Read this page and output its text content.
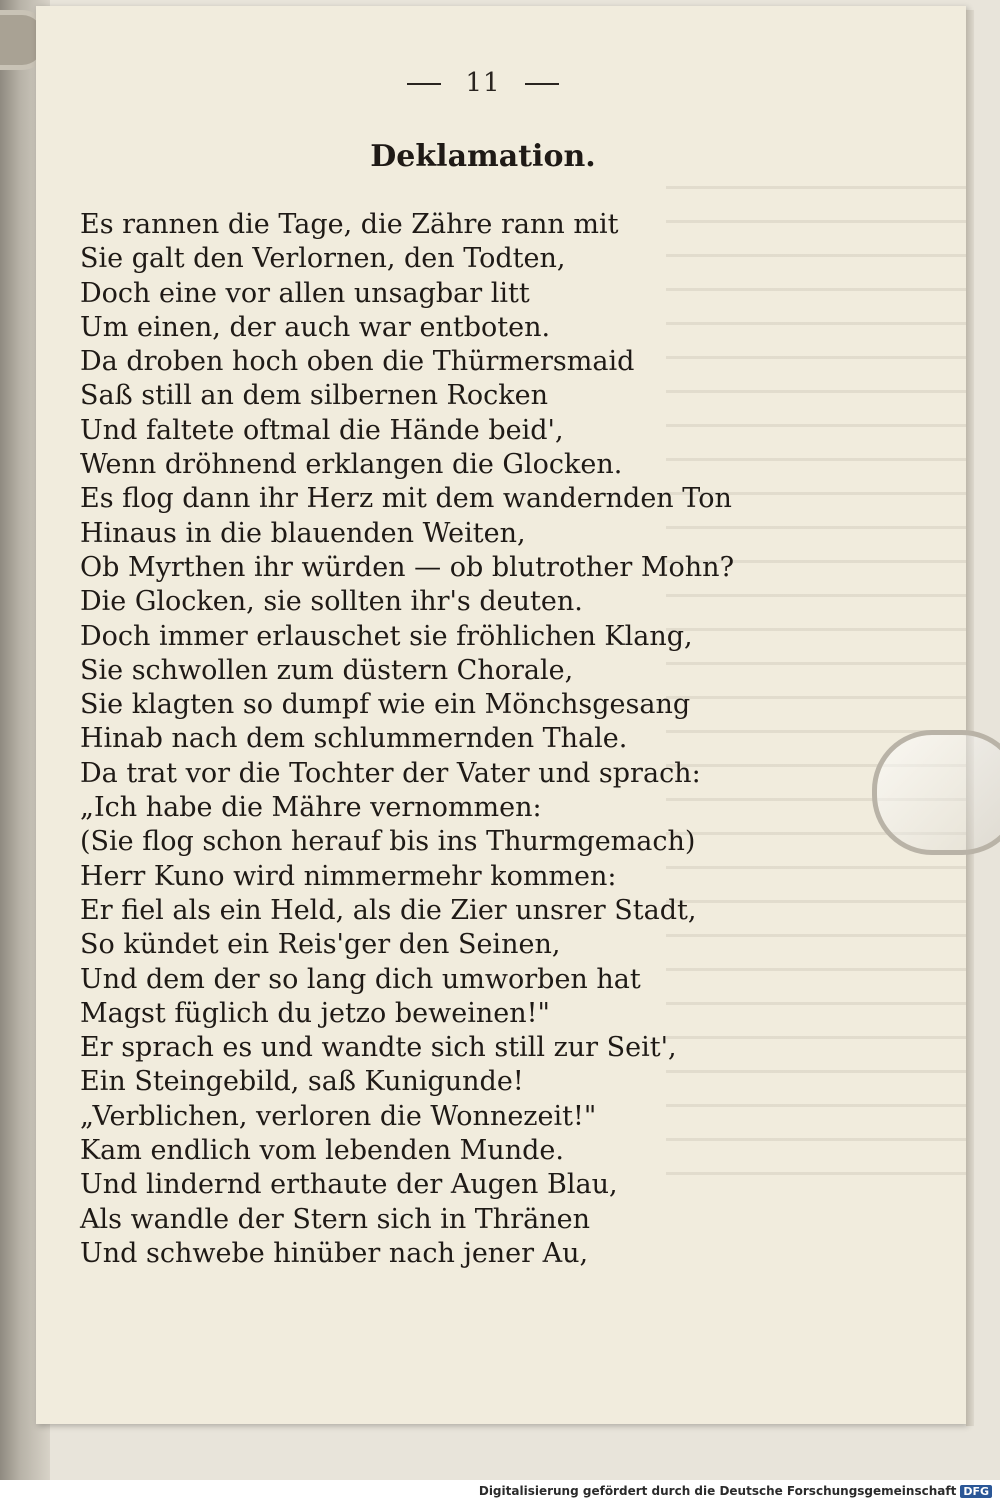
11
Deklamation.
Es rannen die Tage, die Zähre rann mit
Sie galt den Verlornen, den Todten,
Doch eine vor allen unsagbar litt
Um einen, der auch war entboten.
Da droben hoch oben die Thürmersmaid
Saß still an dem silbernen Rocken
Und faltete oftmal die Hände beid',
Wenn dröhnend erklangen die Glocken.
Es flog dann ihr Herz mit dem wandernden Ton
Hinaus in die blauenden Weiten,
Ob Myrthen ihr würden — ob blutrother Mohn?
Die Glocken, sie sollten ihr's deuten.
Doch immer erlauschet sie fröhlichen Klang,
Sie schwollen zum düstern Chorale,
Sie klagten so dumpf wie ein Mönchsgesang
Hinab nach dem schlummernden Thale.
Da trat vor die Tochter der Vater und sprach:
„Ich habe die Mähre vernommen:
(Sie flog schon herauf bis ins Thurmgemach)
Herr Kuno wird nimmermehr kommen:
Er fiel als ein Held, als die Zier unsrer Stadt,
So kündet ein Reis'ger den Seinen,
Und dem der so lang dich umworben hat
Magst füglich du jetzo beweinen!"
Er sprach es und wandte sich still zur Seit',
Ein Steingebild, saß Kunigunde!
„Verblichen, verloren die Wonnezeit!"
Kam endlich vom lebenden Munde.
Und lindernd erthaute der Augen Blau,
Als wandle der Stern sich in Thränen
Und schwebe hinüber nach jener Au,
Digitalisierung gefördert durch die Deutsche Forschungsgemeinschaft DFG
